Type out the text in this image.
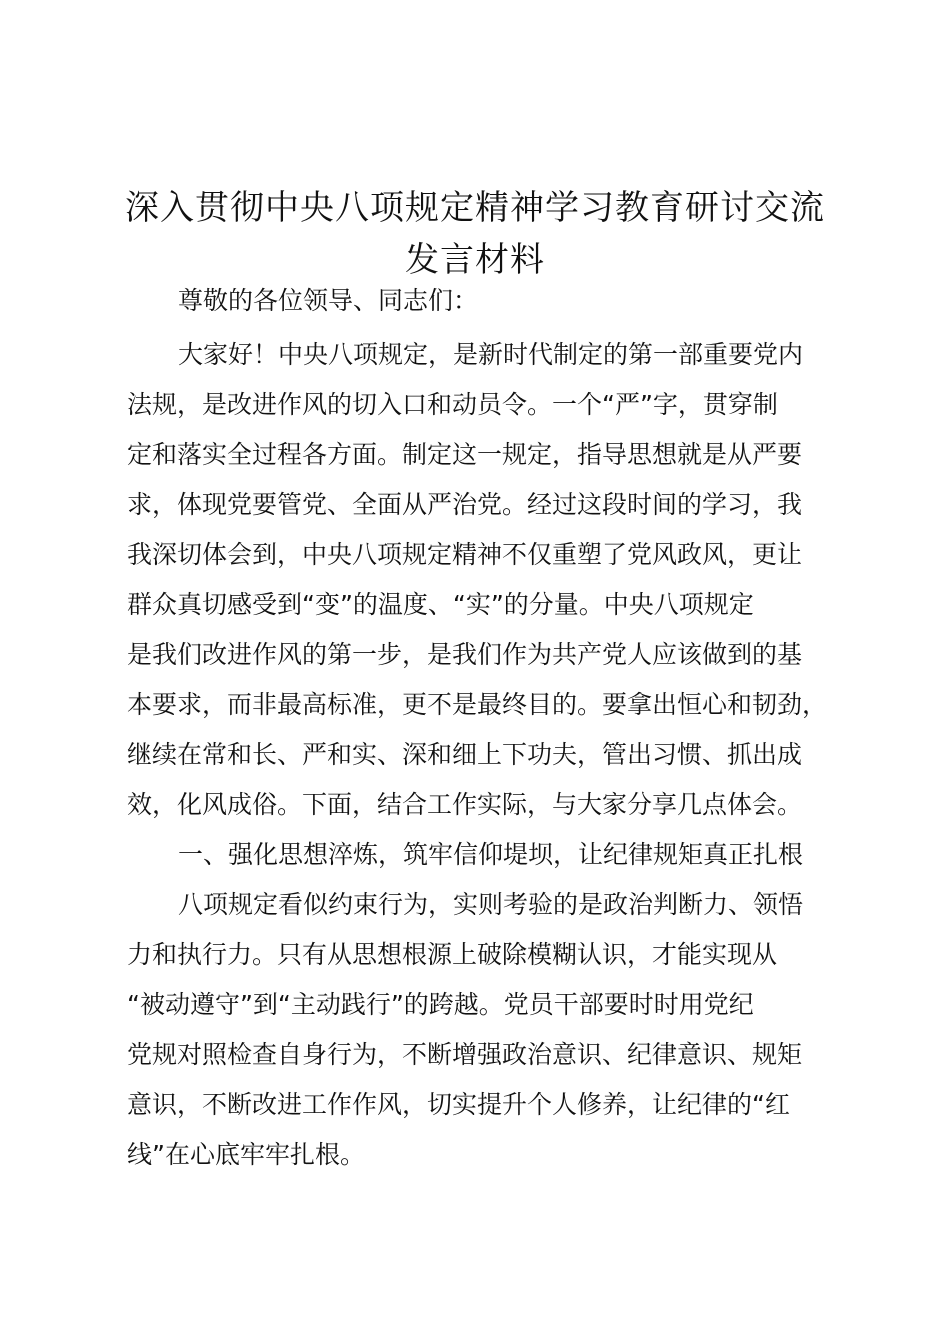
深入贯彻中央八项规定精神学习教育研讨交流
发言材料

尊敬的各位领导、同志们：

大家好！中央八项规定，是新时代制定的第一部重要党内

法规，是改进作风的切入口和动员令。一个“严”字，贯穿制

定和落实全过程各方面。制定这一规定，指导思想就是从严要

求，体现党要管党、全面从严治党。经过这段时间的学习，我

我深切体会到，中央八项规定精神不仅重塑了党风政风，更让

群众真切感受到“变”的温度、“实”的分量。中央八项规定

是我们改进作风的第一步，是我们作为共产党人应该做到的基

本要求，而非最高标准，更不是最终目的。要拿出恒心和韧劲，

继续在常和长、严和实、深和细上下功夫，管出习惯、抓出成

效，化风成俗。下面，结合工作实际，与大家分享几点体会。

一、强化思想淬炼，筑牢信仰堤坝，让纪律规矩真正扎根

八项规定看似约束行为，实则考验的是政治判断力、领悟

力和执行力。只有从思想根源上破除模糊认识，才能实现从

“被动遵守”到“主动践行”的跨越。党员干部要时时用党纪

党规对照检查自身行为，不断增强政治意识、纪律意识、规矩

意识，不断改进工作作风，切实提升个人修养，让纪律的“红

线”在心底牢牢扎根。
